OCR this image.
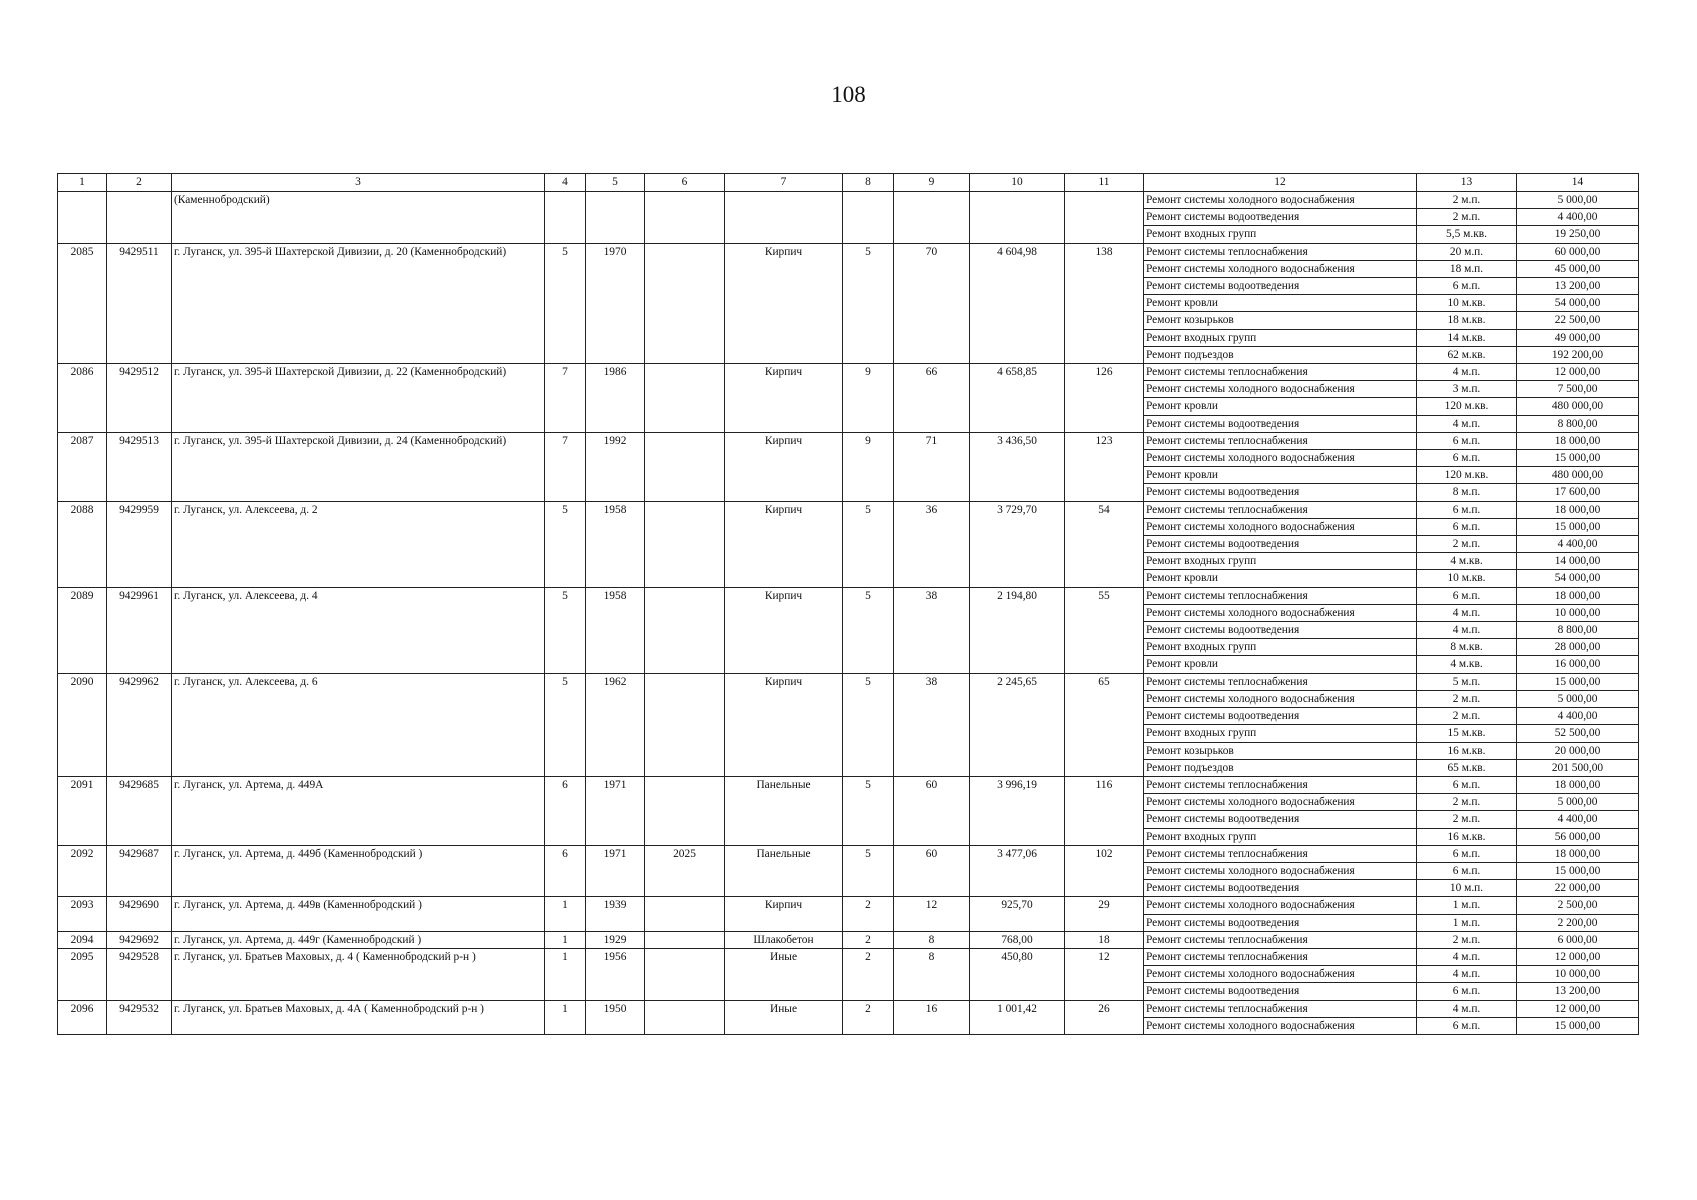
108
1	2	3	4	5	6	7	8	9	10	11	12	13	14
		(Каменнобродский)									Ремонт системы холодного водоснабжения	2 м.п.	5 000,00
											Ремонт системы водоотведения	2 м.п.	4 400,00
											Ремонт входных групп	5,5 м.кв.	19 250,00
2085	9429511	г. Луганск, ул. 395-й Шахтерской Дивизии, д. 20 (Каменнобродский)	5	1970		Кирпич	5	70	4 604,98	138	Ремонт системы теплоснабжения	20 м.п.	60 000,00
											Ремонт системы холодного водоснабжения	18 м.п.	45 000,00
											Ремонт системы водоотведения	6 м.п.	13 200,00
											Ремонт кровли	10 м.кв.	54 000,00
											Ремонт козырьков	18 м.кв.	22 500,00
											Ремонт входных групп	14 м.кв.	49 000,00
											Ремонт подъездов	62 м.кв.	192 200,00
2086	9429512	г. Луганск, ул. 395-й Шахтерской Дивизии, д. 22 (Каменнобродский)	7	1986		Кирпич	9	66	4 658,85	126	Ремонт системы теплоснабжения	4 м.п.	12 000,00
											Ремонт системы холодного водоснабжения	3 м.п.	7 500,00
											Ремонт кровли	120 м.кв.	480 000,00
											Ремонт системы водоотведения	4 м.п.	8 800,00
2087	9429513	г. Луганск, ул. 395-й Шахтерской Дивизии, д. 24 (Каменнобродский)	7	1992		Кирпич	9	71	3 436,50	123	Ремонт системы теплоснабжения	6 м.п.	18 000,00
											Ремонт системы холодного водоснабжения	6 м.п.	15 000,00
											Ремонт кровли	120 м.кв.	480 000,00
											Ремонт системы водоотведения	8 м.п.	17 600,00
2088	9429959	г. Луганск, ул. Алексеева, д. 2	5	1958		Кирпич	5	36	3 729,70	54	Ремонт системы теплоснабжения	6 м.п.	18 000,00
											Ремонт системы холодного водоснабжения	6 м.п.	15 000,00
											Ремонт системы водоотведения	2 м.п.	4 400,00
											Ремонт входных групп	4 м.кв.	14 000,00
											Ремонт кровли	10 м.кв.	54 000,00
2089	9429961	г. Луганск, ул. Алексеева, д. 4	5	1958		Кирпич	5	38	2 194,80	55	Ремонт системы теплоснабжения	6 м.п.	18 000,00
											Ремонт системы холодного водоснабжения	4 м.п.	10 000,00
											Ремонт системы водоотведения	4 м.п.	8 800,00
											Ремонт входных групп	8 м.кв.	28 000,00
											Ремонт кровли	4 м.кв.	16 000,00
2090	9429962	г. Луганск, ул. Алексеева, д. 6	5	1962		Кирпич	5	38	2 245,65	65	Ремонт системы теплоснабжения	5 м.п.	15 000,00
											Ремонт системы холодного водоснабжения	2 м.п.	5 000,00
											Ремонт системы водоотведения	2 м.п.	4 400,00
											Ремонт входных групп	15 м.кв.	52 500,00
											Ремонт козырьков	16 м.кв.	20 000,00
											Ремонт подъездов	65 м.кв.	201 500,00
2091	9429685	г. Луганск, ул. Артема, д. 449А	6	1971		Панельные	5	60	3 996,19	116	Ремонт системы теплоснабжения	6 м.п.	18 000,00
											Ремонт системы холодного водоснабжения	2 м.п.	5 000,00
											Ремонт системы водоотведения	2 м.п.	4 400,00
											Ремонт входных групп	16 м.кв.	56 000,00
2092	9429687	г. Луганск, ул. Артема, д. 449б (Каменнобродский )	6	1971	2025	Панельные	5	60	3 477,06	102	Ремонт системы теплоснабжения	6 м.п.	18 000,00
											Ремонт системы холодного водоснабжения	6 м.п.	15 000,00
											Ремонт системы водоотведения	10 м.п.	22 000,00
2093	9429690	г. Луганск, ул. Артема, д. 449в (Каменнобродский )	1	1939		Кирпич	2	12	925,70	29	Ремонт системы холодного водоснабжения	1 м.п.	2 500,00
											Ремонт системы водоотведения	1 м.п.	2 200,00
2094	9429692	г. Луганск, ул. Артема, д. 449г (Каменнобродский )	1	1929		Шлакобетон	2	8	768,00	18	Ремонт системы теплоснабжения	2 м.п.	6 000,00
2095	9429528	г. Луганск, ул. Братьев Маховых, д. 4 ( Каменнобродский р-н )	1	1956		Иные	2	8	450,80	12	Ремонт системы теплоснабжения	4 м.п.	12 000,00
											Ремонт системы холодного водоснабжения	4 м.п.	10 000,00
											Ремонт системы водоотведения	6 м.п.	13 200,00
2096	9429532	г. Луганск, ул. Братьев Маховых, д. 4А ( Каменнобродский р-н )	1	1950		Иные	2	16	1 001,42	26	Ремонт системы теплоснабжения	4 м.п.	12 000,00
											Ремонт системы холодного водоснабжения	6 м.п.	15 000,00
